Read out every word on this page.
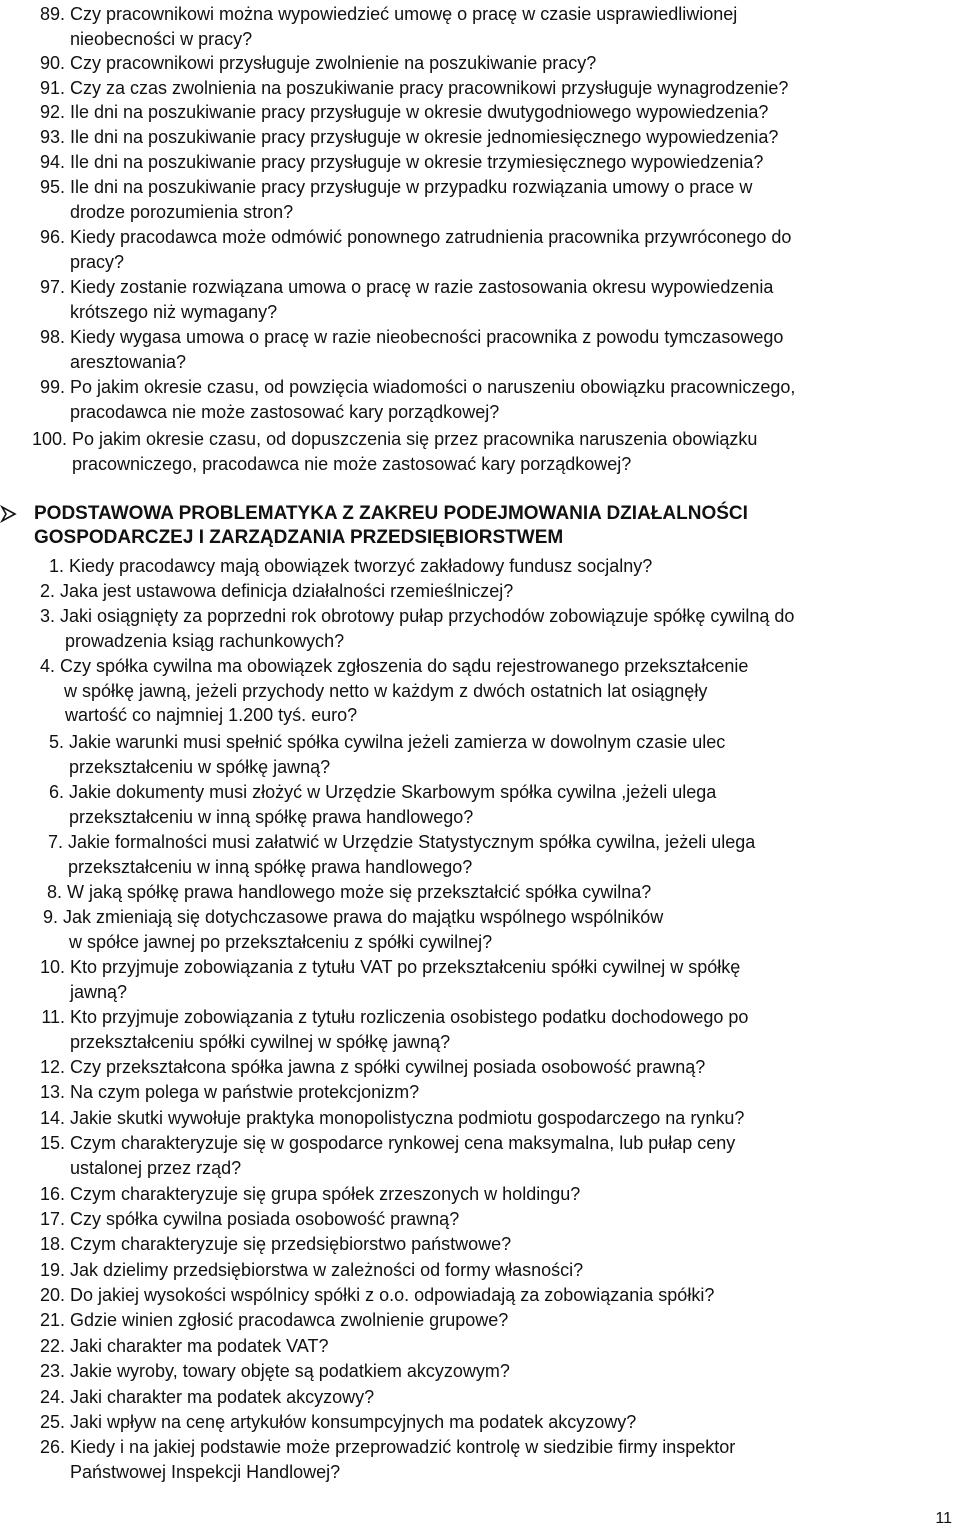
89. Czy pracownikowi można wypowiedzieć umowę o pracę w czasie usprawiedliwionej
nieobecności w pracy?
90. Czy pracownikowi przysługuje zwolnienie na poszukiwanie pracy?
91. Czy za czas zwolnienia na poszukiwanie pracy pracownikowi przysługuje wynagrodzenie?
92. Ile dni na poszukiwanie pracy przysługuje w okresie dwutygodniowego wypowiedzenia?
93. Ile dni na poszukiwanie pracy przysługuje w okresie jednomiesięcznego wypowiedzenia?
94. Ile dni na poszukiwanie pracy przysługuje w okresie trzymiesięcznego wypowiedzenia?
95. Ile dni na poszukiwanie pracy przysługuje w przypadku rozwiązania umowy o prace w
drodze porozumienia stron?
96. Kiedy pracodawca może odmówić ponownego zatrudnienia pracownika przywróconego do
pracy?
97. Kiedy zostanie rozwiązana umowa o pracę w razie zastosowania okresu wypowiedzenia
krótszego niż wymagany?
98. Kiedy wygasa umowa o pracę w razie nieobecności pracownika z powodu tymczasowego
aresztowania?
99. Po jakim okresie czasu, od powzięcia wiadomości o naruszeniu obowiązku pracowniczego,
pracodawca nie może zastosować kary porządkowej?
100. Po jakim okresie czasu, od dopuszczenia się przez pracownika naruszenia obowiązku
pracowniczego, pracodawca nie może zastosować kary porządkowej?
PODSTAWOWA PROBLEMATYKA Z ZAKREU PODEJMOWANIA DZIAŁALNOŚCI
GOSPODARCZEJ I ZARZĄDZANIA PRZEDSIĘBIORSTWEM
1. Kiedy pracodawcy mają obowiązek tworzyć zakładowy fundusz socjalny?
2. Jaka jest ustawowa definicja działalności rzemieślniczej?
3. Jaki osiągnięty za poprzedni rok obrotowy pułap przychodów zobowiązuje spółkę cywilną do
prowadzenia ksiąg rachunkowych?
4. Czy spółka cywilna ma obowiązek zgłoszenia do sądu rejestrowanego przekształcenie
w spółkę jawną, jeżeli przychody netto w każdym z dwóch ostatnich lat osiągnęły
wartość co najmniej 1.200 tyś. euro?
5. Jakie warunki musi spełnić spółka cywilna jeżeli zamierza w dowolnym czasie ulec
przekształceniu w spółkę jawną?
6. Jakie dokumenty musi złożyć w Urzędzie Skarbowym spółka cywilna ,jeżeli ulega
przekształceniu w inną spółkę prawa handlowego?
7. Jakie formalności musi załatwić w Urzędzie Statystycznym spółka cywilna, jeżeli ulega
przekształceniu w inną spółkę prawa handlowego?
8. W jaką spółkę prawa handlowego może się przekształcić spółka cywilna?
9. Jak zmieniają się dotychczasowe prawa do majątku wspólnego wspólników
w spółce jawnej po przekształceniu z spółki cywilnej?
10. Kto przyjmuje zobowiązania z tytułu VAT po przekształceniu spółki cywilnej w spółkę
jawną?
11. Kto przyjmuje zobowiązania z tytułu rozliczenia osobistego podatku dochodowego po
przekształceniu spółki cywilnej w spółkę jawną?
12. Czy przekształcona spółka jawna z spółki cywilnej posiada osobowość prawną?
13. Na czym polega w państwie protekcjonizm?
14. Jakie skutki wywołuje praktyka monopolistyczna podmiotu gospodarczego na rynku?
15. Czym charakteryzuje się w gospodarce rynkowej cena maksymalna, lub pułap ceny
ustalonej przez rząd?
16. Czym charakteryzuje się grupa spółek zrzeszonych w holdingu?
17. Czy spółka cywilna posiada osobowość prawną?
18. Czym charakteryzuje się przedsiębiorstwo państwowe?
19. Jak dzielimy przedsiębiorstwa w zależności od formy własności?
20. Do jakiej wysokości wspólnicy spółki z o.o. odpowiadają za zobowiązania spółki?
21. Gdzie winien zgłosić pracodawca zwolnienie grupowe?
22. Jaki charakter ma podatek VAT?
23. Jakie wyroby, towary objęte są podatkiem akcyzowym?
24. Jaki charakter ma podatek akcyzowy?
25. Jaki wpływ na cenę artykułów konsumpcyjnych ma podatek akcyzowy?
26. Kiedy i na jakiej podstawie może przeprowadzić kontrolę w siedzibie firmy inspektor
Państwowej Inspekcji Handlowej?
11
